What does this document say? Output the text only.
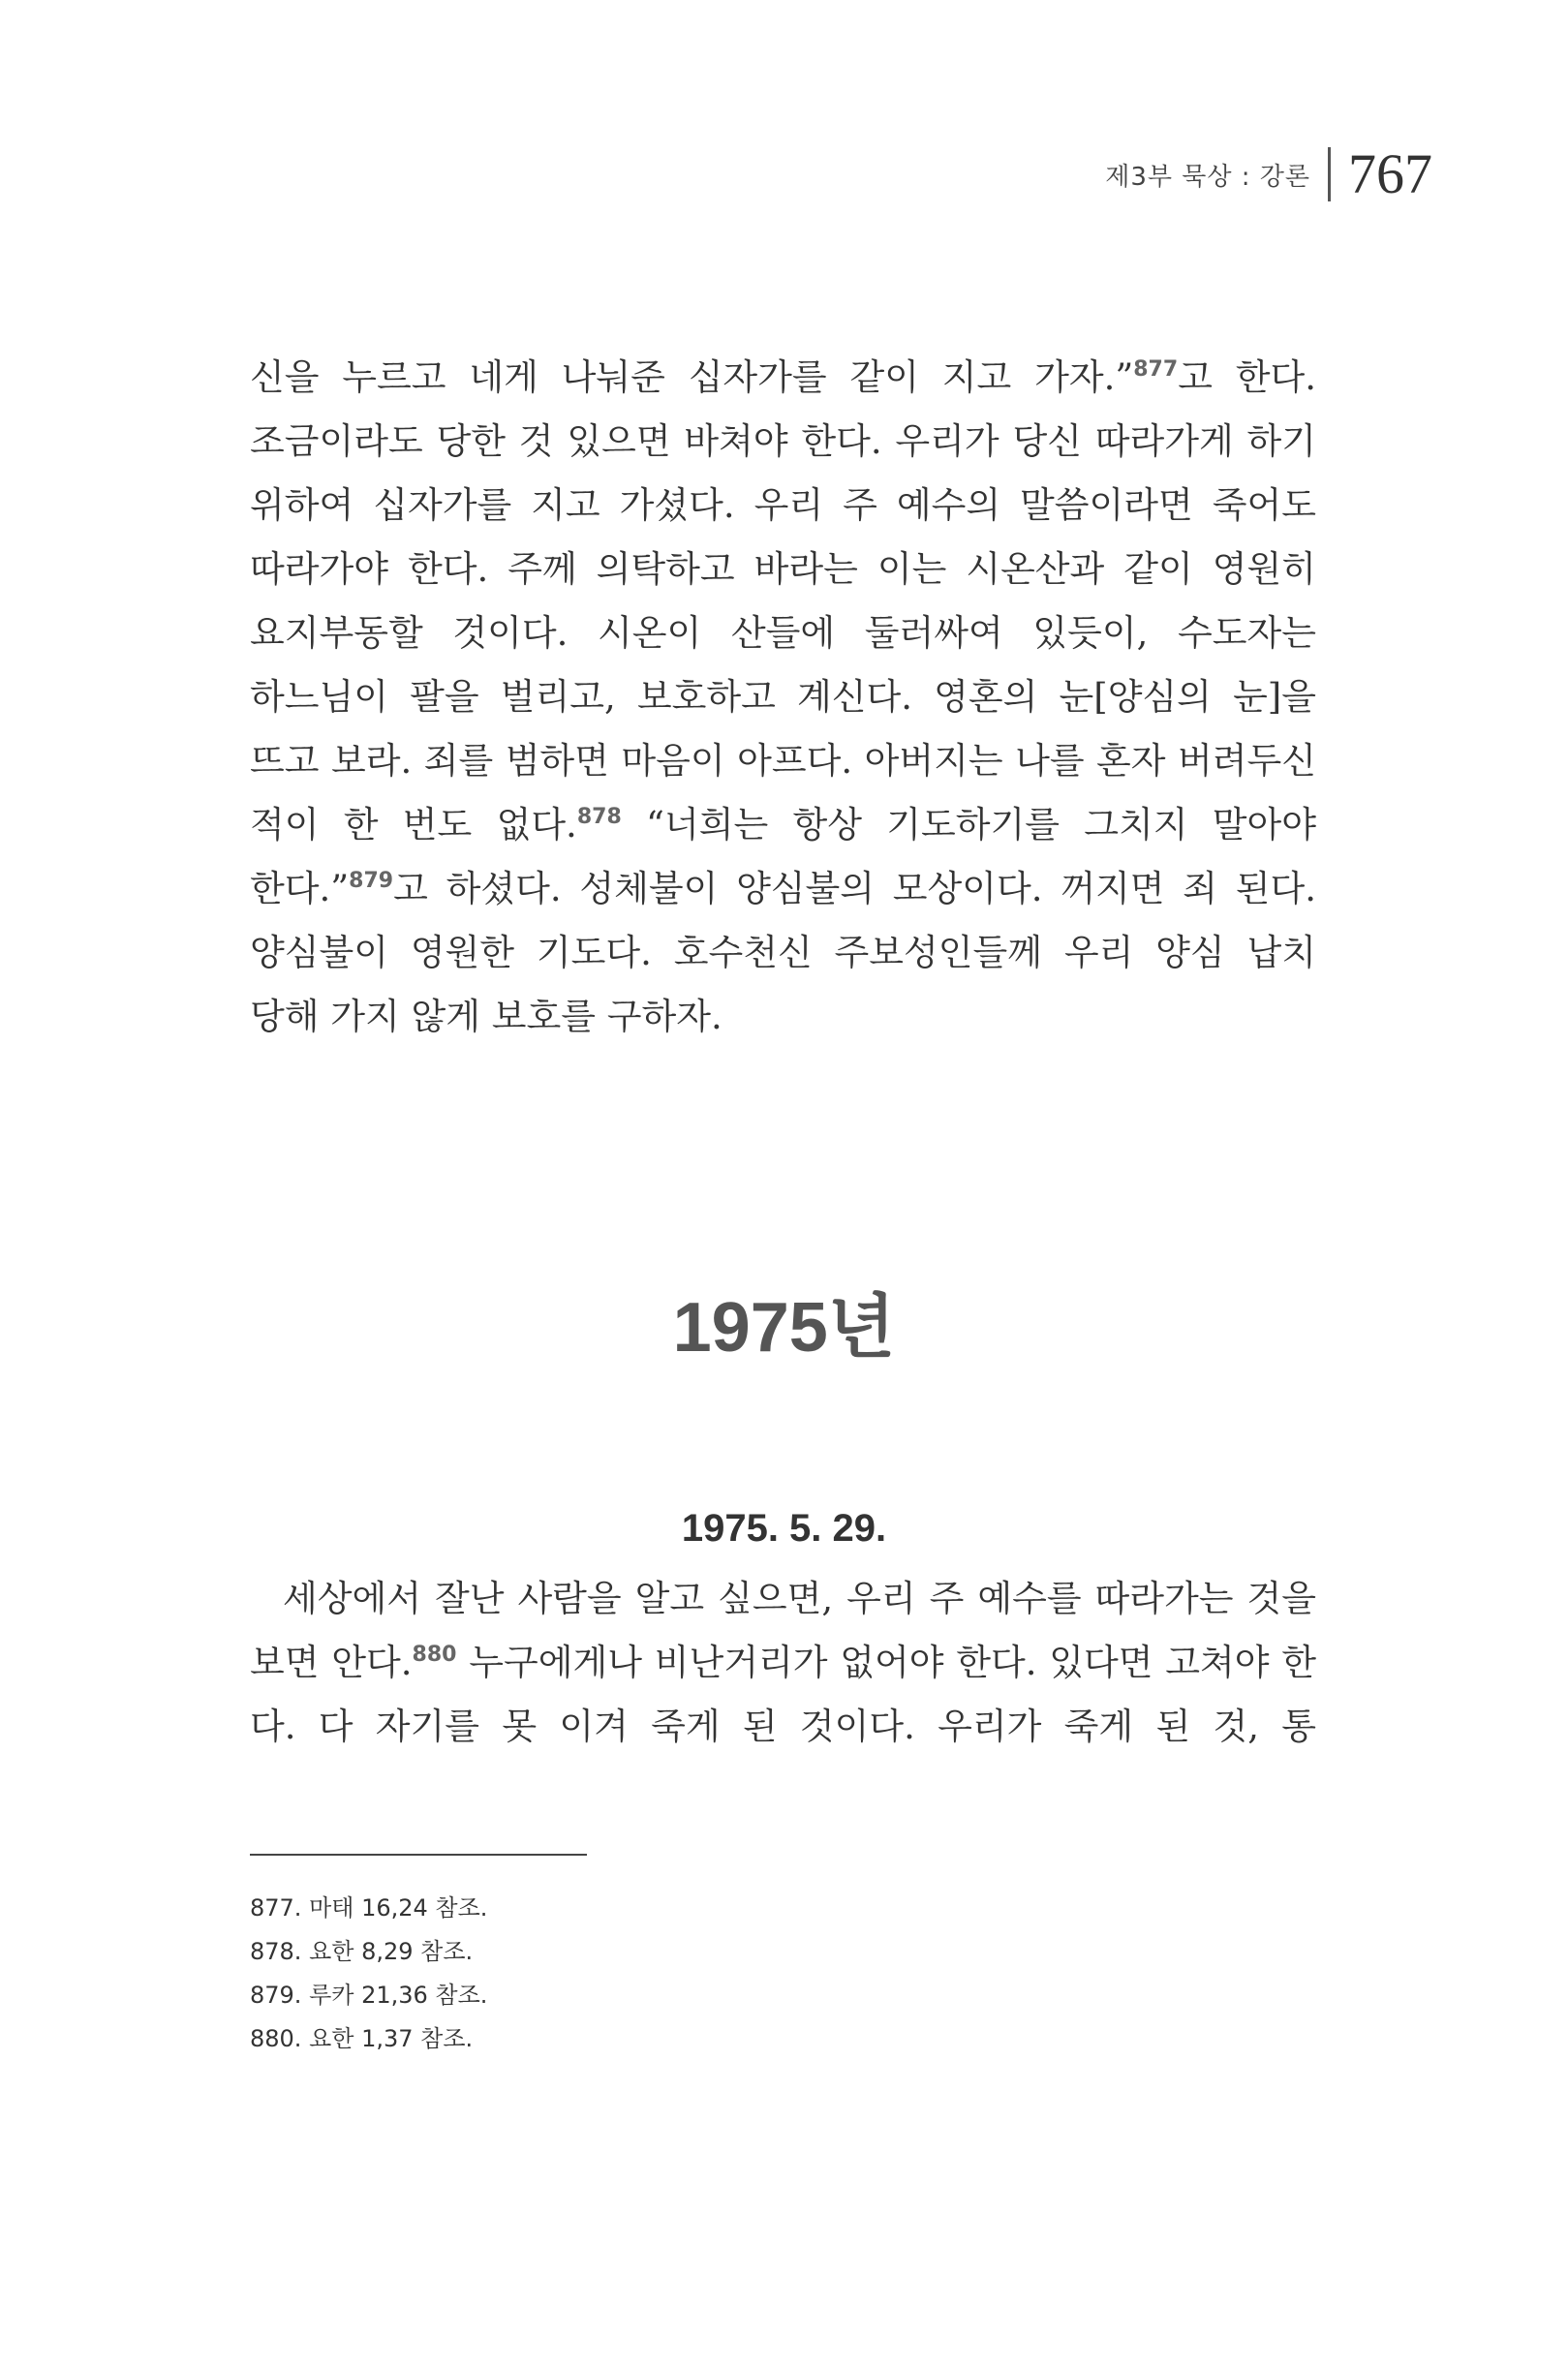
제3부 묵상 : 강론 767

신을 누르고 네게 나눠준 십자가를 같이 지고 가자.”$^{877}$고 한다. 조금이라도 당한 것 있으면 바쳐야 한다. 우리가 당신 따라가게 하기 위하여 십자가를 지고 가셨다. 우리 주 예수의 말씀이라면 죽어도 따라가야 한다. 주께 의탁하고 바라는 이는 시온산과 같이 영원히 요지부동할 것이다. 시온이 산들에 둘러싸여 있듯이, 수도자는 하느님이 팔을 벌리고, 보호하고 계신다. 영혼의 눈[양심의 눈]을 뜨고 보라. 죄를 범하면 마음이 아프다. 아버지는 나를 혼자 버려두신 적이 한 번도 없다.$^{878}$ “너희는 항상 기도하기를 그치지 말아야 한다.”$^{879}$고 하셨다. 성체불이 양심불의 모상이다. 꺼지면 죄 된다. 양심불이 영원한 기도다. 호수천신 주보성인들께 우리 양심 납치 당해 가지 않게 보호를 구하자.

1975년
1975. 5. 29.

세상에서 잘난 사람을 알고 싶으면, 우리 주 예수를 따라가는 것을 보면 안다.$^{880}$ 누구에게나 비난거리가 없어야 한다. 있다면 고쳐야 한다. 다 자기를 못 이겨 죽게 된 것이다. 우리가 죽게 된 것, 통

877. 마태 16,24 참조.
878. 요한 8,29 참조.
879. 루카 21,36 참조.
880. 요한 1,37 참조.
